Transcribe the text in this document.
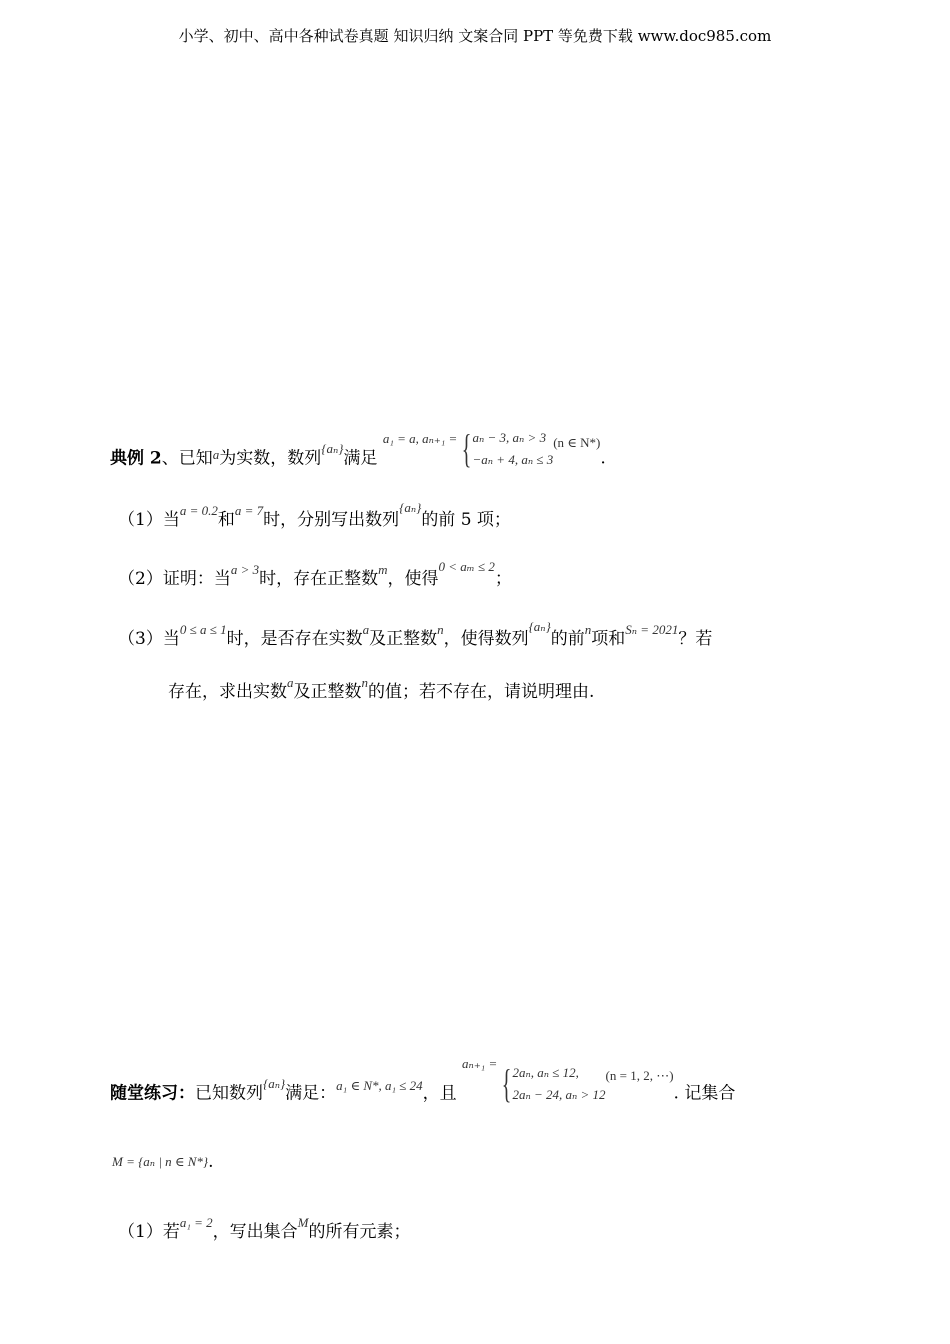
小学、初中、高中各种试卷真题 知识归纳 文案合同 PPT 等免费下载 www.doc985.com
典例 2、已知a为实数，数列{aₙ}满足 a₁ = a, aₙ₊₁ = {aₙ − 3, aₙ > 3
−aₙ + 4, aₙ ≤ 3(n ∈ N*).
（1）当a = 0.2和a = 7时，分别写出数列{aₙ}的前 5 项；
（2）证明：当a > 3时，存在正整数m，使得0 < aₘ ≤ 2；
（3）当0 ≤ a ≤ 1时，是否存在实数a及正整数n，使得数列{aₙ}的前n项和Sₙ = 2021？若
存在，求出实数a及正整数n的值；若不存在，请说明理由.
随堂练习：已知数列{aₙ}满足：a₁ ∈ N*, a₁ ≤ 24，且 aₙ₊₁ = {2aₙ, aₙ ≤ 12,
2aₙ − 24, aₙ > 12(n = 1, 2, ⋯). 记集合
M = {aₙ | n ∈ N*}.
（1）若a₁ = 2，写出集合M的所有元素；
